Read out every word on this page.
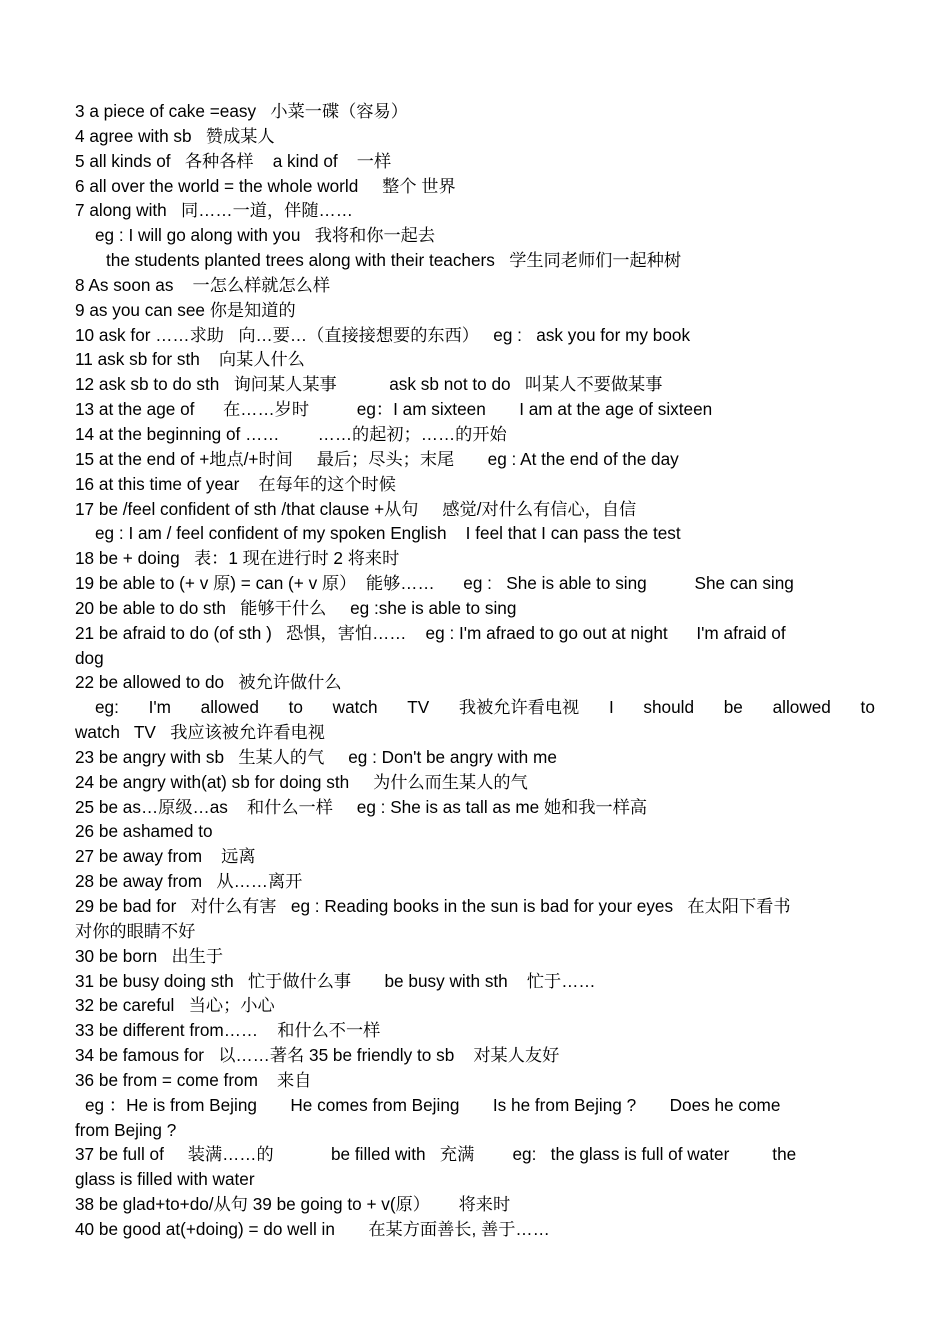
3 a piece of cake =easy   小菜一碟（容易）
4 agree with sb   赞成某人
5 all kinds of   各种各样    a kind of    一样
6 all over the world = the whole world     整个 世界
7 along with   同……一道，伴随……
eg : I will go along with you   我将和你一起去
the students planted trees along with their teachers   学生同老师们一起种树
8 As soon as    一怎么样就怎么样
9 as you can see 你是知道的
10 ask for ……求助   向…要…（直接接想要的东西）   eg :   ask you for my book
11 ask sb for sth    向某人什么
12 ask sb to do sth   询问某人某事           ask sb not to do   叫某人不要做某事
13 at the age of      在……岁时          eg：I am sixteen       I am at the age of sixteen
14 at the beginning of ……        ……的起初；……的开始
15 at the end of +地点/+时间     最后；尽头；末尾       eg : At the end of the day
16 at this time of year    在每年的这个时候
17 be /feel confident of sth /that clause +从句     感觉/对什么有信心，自信
eg : I am / feel confident of my spoken English    I feel that I can pass the test
18 be + doing   表：1 现在进行时 2 将来时
19 be able to (+ v 原) = can (+ v 原）  能够……      eg :   She is able to sing          She can sing
20 be able to do sth   能够干什么     eg :she is able to sing
21 be afraid to do (of sth )   恐惧，害怕……    eg : I'm afraed to go out at night      I'm afraid of
dog
22 be allowed to do   被允许做什么
eg: I'm allowed to watch TV 我被允许看电视 I should be allowed to
watch   TV   我应该被允许看电视
23 be angry with sb   生某人的气     eg : Don't be angry with me
24 be angry with(at) sb for doing sth     为什么而生某人的气
25 be as…原级…as    和什么一样     eg : She is as tall as me 她和我一样高
26 be ashamed to
27 be away from    远离
28 be away from   从……离开
29 be bad for   对什么有害   eg : Reading books in the sun is bad for your eyes   在太阳下看书
对你的眼睛不好
30 be born   出生于
31 be busy doing sth   忙于做什么事       be busy with sth    忙于……
32 be careful   当心；小心
33 be different from……    和什么不一样
34 be famous for   以……著名 35 be friendly to sb    对某人友好
36 be from = come from    来自
eg ：He is from Bejing       He comes from Bejing       Is he from Bejing ?       Does he come
from Bejing ?
37 be full of     装满……的            be filled with   充满        eg:   the glass is full of water         the
glass is filled with water
38 be glad+to+do/从句 39 be going to + v(原）      将来时
40 be good at(+doing) = do well in       在某方面善长, 善于……
